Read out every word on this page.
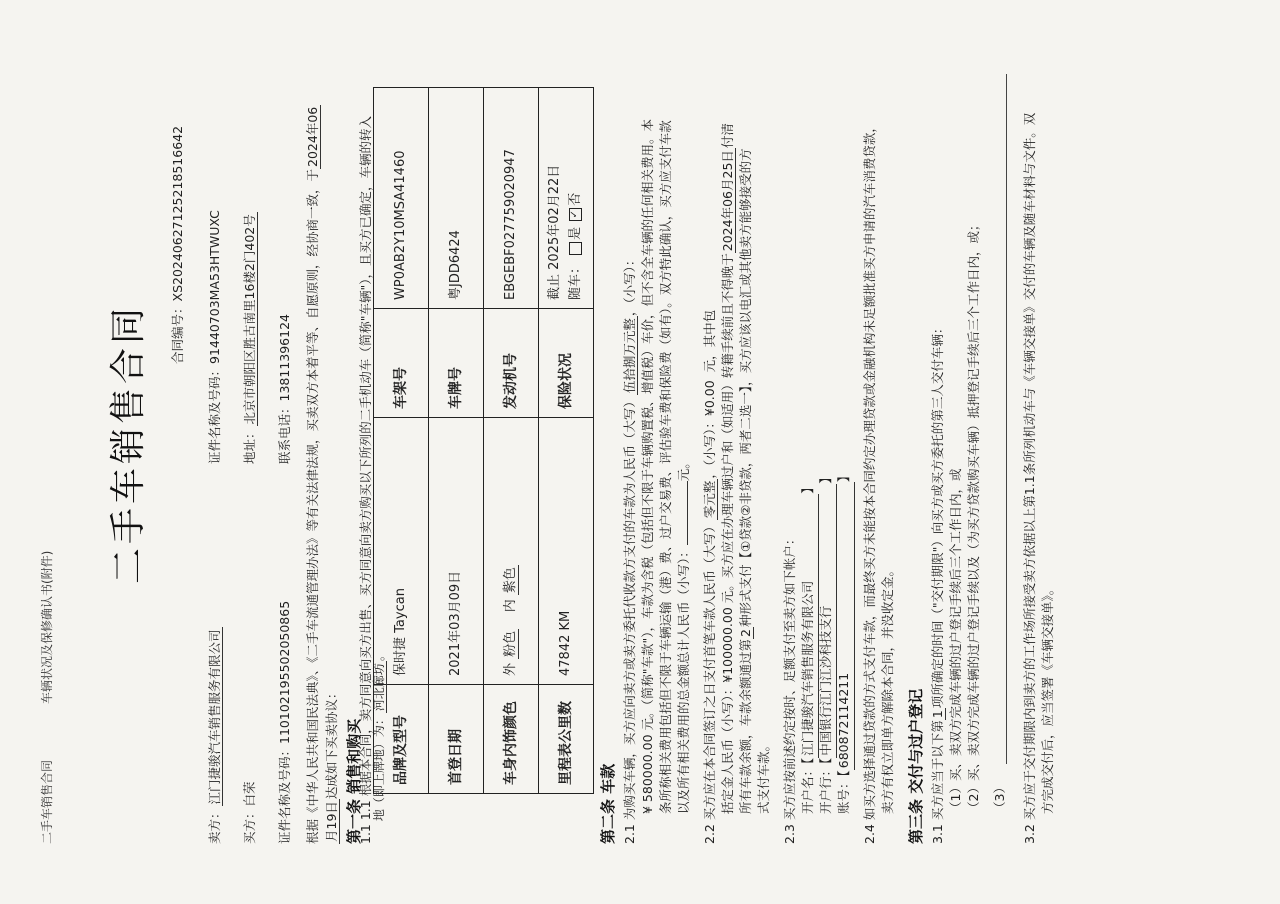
二手车销售合同
车辆状况及保修确认书(附件)
二手车销售合同	合同编号：XS20240627125218516642
卖方：江门捷骏汽车销售服务有限公司
证件名称及号码：91440703MA53HTWUXC
买方：白荣
地址：北京市朝阳区胜古南里16楼2门402号
证件名称及号码：110102195502050865
联系电话：13811396124 根据《中华人民共和国民法典》、《二手车流通管理办法》等有关法律法规，买卖双方本着平等、自愿原则，经协商一致，于2024年06
月19日达成如下买卖协议： 第一条 销售和购买
1.1 1.1 根据本合同，卖方同意向买方出售、买方同意向卖方购买以下所列的二手机动车（简称"车辆"），且买方已确定，车辆的转入 品牌及型号	保时捷 Taycan	车架号	WP0AB2Y10MSA41460
首登日期	2021年03月09日	车牌号	粤JDD6424
车身内饰颜色	外 粉色    内 紫色	发动机号	EBGEBF027759020947
里程表公里数	47842 KM	保险状况	截止 2025年02月22日 随车： 是 ✓否
第二条 车款
地（即上牌地）为：河北廊坊。	2.1 为购买车辆，买方应向卖方或卖方委托代收款方支付的车款为人民币（大写）伍拾捌万元整，（小写）： ¥ 580000.00 元。（简称"车款"），车款为含税（包括但不限于车辆购置税、增值税）车价，但不含全车辆的任何相关费用。本 条所称相关费用包括但不限于车辆运输（港）费、过户交易费、评估验车费和保险费（如有）。双方特此确认，买方应支付车款 以及所有相关费用的总金额总计人民币（小写）：元。
2.2 买方应在本合同签订之日支付首笔车款人民币（大写）零元整，（小写）：¥0.00  元，其中包 括定金人民币（小写）：¥100000.00 元。买方应在办理车辆过户和（如适用）转籍手续前且不得晚于2024年06月25日付清
所有车款余额，车款余额通过第2种形式支付【①贷款②非贷款，两者二选一】，买方应该以电汇或其他卖方能够接受的方
式支付车款。 2.3 买方应按前述约定按时、足额支付至卖方如下帐户： 开户名：【江门捷骏汽车销售服务有限公司】
开户行：【中国银行江门江沙科技支行】
账号：【680872114211】 2.4 如买方选择通过贷款的方式支付车款，而最终买方未能按本合同约定办理贷款或金融机构未足额批准买方申请的汽车消费贷款， 卖方有权立即单方解除本合同，并没收定金。 第三条 交付与过户登记 3.1 买方应当于以下第1项所确定的时间（"交付期限"）向买方或买方委托的第三人交付车辆： （1）买、卖双方完成车辆的过户登记手续后三个工作日内，或 （2）买、卖双方完成车辆的过户登记手续以及（为买方贷款购买车辆）抵押登记手续后三个工作日内，或； （3） 3.2 买方应于交付期限内到卖方的工作场所接受卖方依据以上第1.1条所列机动车与《车辆交接单》交付的车辆及随车材料与文件。双 方完成交付后，应当签署《车辆交接单》。
